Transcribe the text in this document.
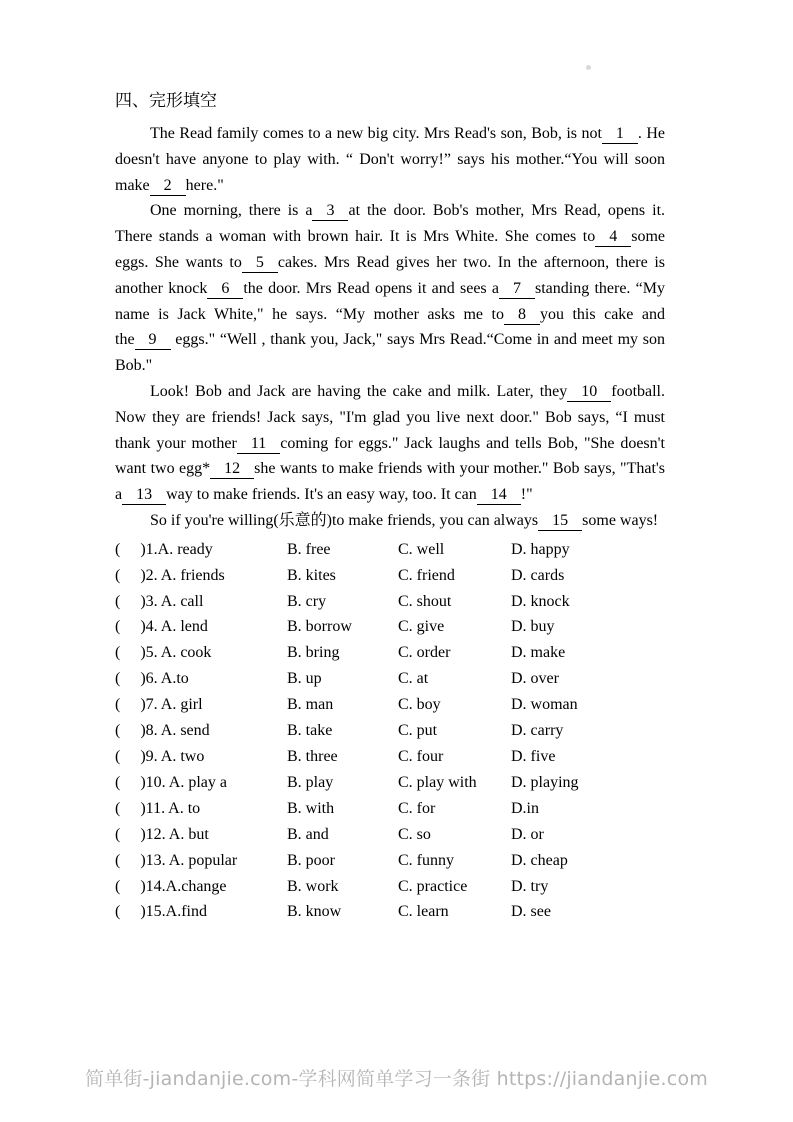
四、完形填空

The Read family comes to a new big city. Mrs Read's son, Bob, is not 1 . He doesn't have anyone to play with. “ Don't worry!” says his mother.“You will soon make 2 here."

One morning, there is a 3 at the door. Bob's mother, Mrs Read, opens it. There stands a woman with brown hair. It is Mrs White. She comes to 4 some eggs. She wants to 5 cakes. Mrs Read gives her two. In the afternoon, there is another knock 6 the door. Mrs Read opens it and sees a 7 standing there. “My name is Jack White," he says. “My mother asks me to 8 you this cake and the 9 eggs." “Well , thank you, Jack," says Mrs Read.“Come in and meet my son Bob."

Look! Bob and Jack are having the cake and milk. Later, they 10 football. Now they are friends! Jack says, "I'm glad you live next door." Bob says, “I must thank your mother 11 coming for eggs." Jack laughs and tells Bob, "She doesn't want two egg* 12 she wants to make friends with your mother." Bob says, "That's a 13 way to make friends. It's an easy way, too. It can 14 !"

So if you're willing(乐意的)to make friends, you can always 15 some ways!

(     )1.A. ready	B. free	C. well	D. happy
(     )2. A. friends	B. kites	C. friend	D. cards
(     )3. A. call	B. cry	C. shout	D. knock
(     )4. A. lend	B. borrow	C. give	D. buy
(     )5. A. cook	B. bring	C. order	D. make
(     )6. A.to	B. up	C. at	D. over
(     )7. A. girl	B. man	C. boy	D. woman
(     )8. A. send	B. take	C. put	D. carry
(     )9. A. two	B. three	C. four	D. five
(     )10. A. play a	B. play	C. play with	D. playing
(     )11. A. to	B. with	C. for	D.in
(     )12. A. but	B. and	C. so	D. or
(     )13. A. popular	B. poor	C. funny	D. cheap
(     )14.A.change	B. work	C. practice	D. try
(     )15.A.find	B. know	C. learn	D. see
简单街-jiandanjie.com-学科网简单学习一条街 https://jiandanjie.com
